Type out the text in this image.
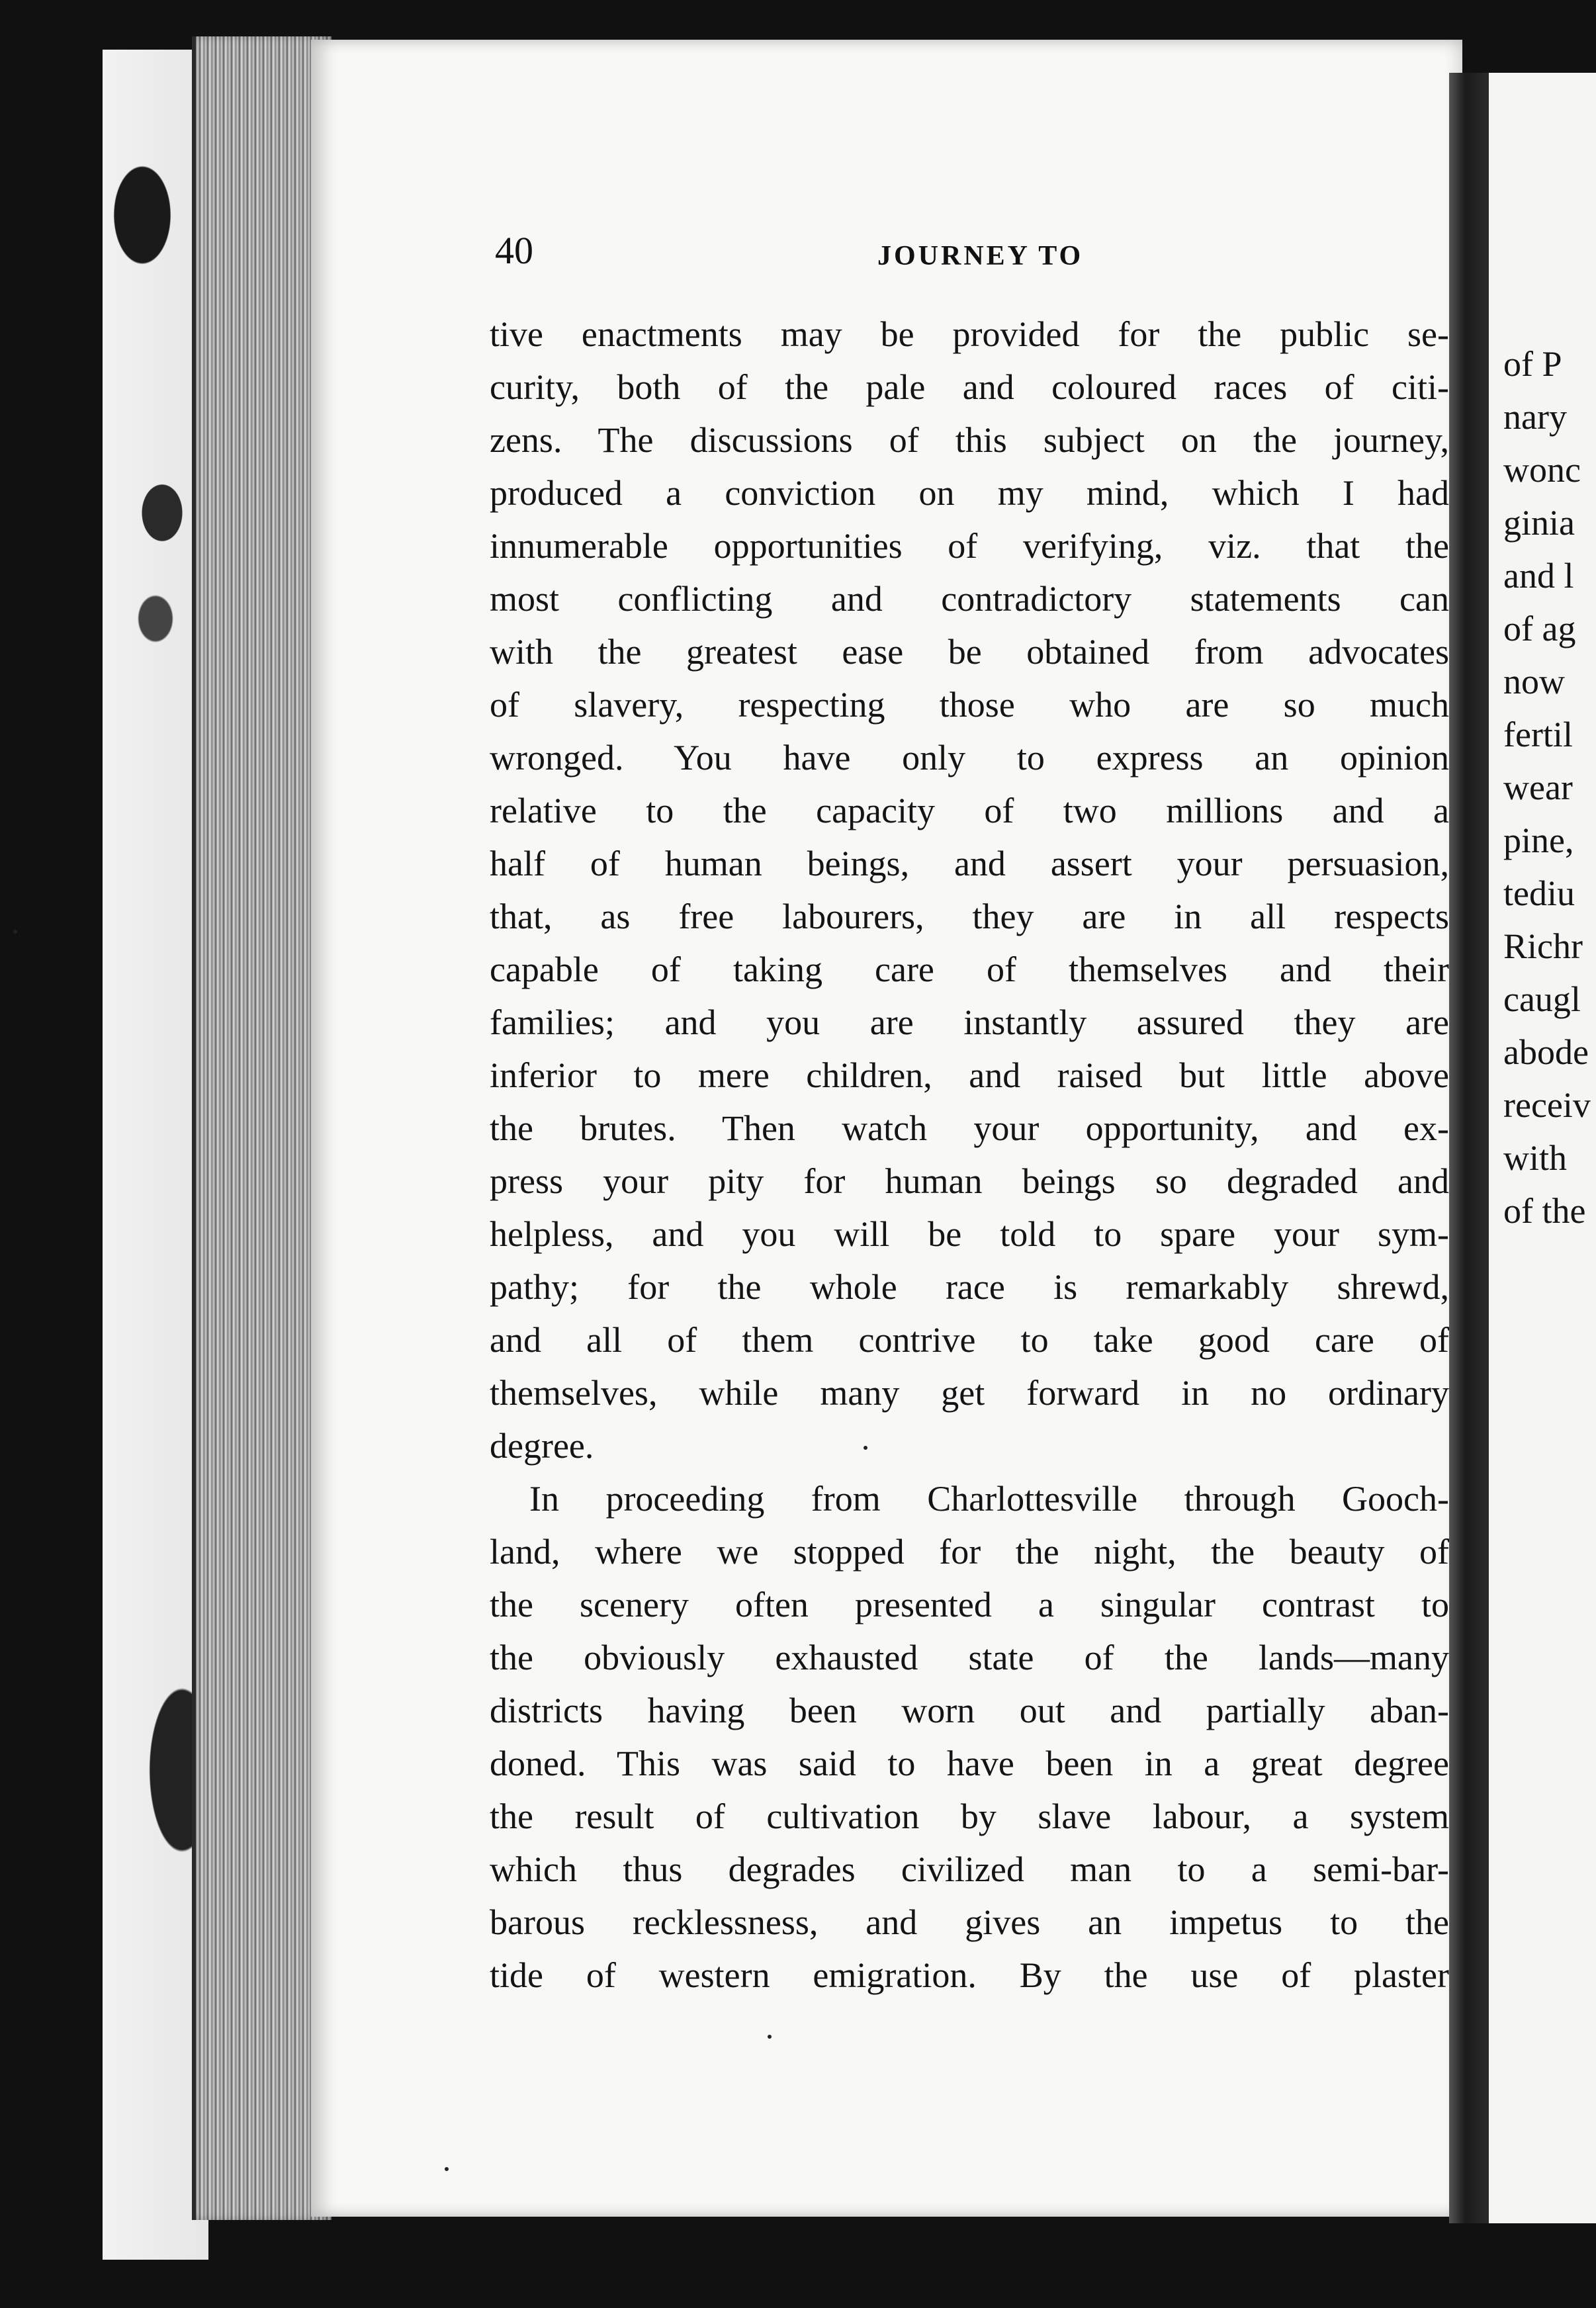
40	JOURNEY TO
tive enactments may be provided for the public se-
curity, both of the pale and coloured races of citi-
zens. The discussions of this subject on the journey,
produced a conviction on my mind, which I had
innumerable opportunities of verifying, viz. that the
most conflicting and contradictory statements can
with the greatest ease be obtained from advocates
of slavery, respecting those who are so much
wronged. You have only to express an opinion
relative to the capacity of two millions and a
half of human beings, and assert your persuasion,
that, as free labourers, they are in all respects
capable of taking care of themselves and their
families; and you are instantly assured they are
inferior to mere children, and raised but little above
the brutes. Then watch your opportunity, and ex-
press your pity for human beings so degraded and
helpless, and you will be told to spare your sym-
pathy; for the whole race is remarkably shrewd,
and all of them contrive to take good care of
themselves, while many get forward in no ordinary
degree.
In proceeding from Charlottesville through Gooch-
land, where we stopped for the night, the beauty of
the scenery often presented a singular contrast to
the obviously exhausted state of the lands—many
districts having been worn out and partially aban-
doned. This was said to have been in a great degree
the result of cultivation by slave labour, a system
which thus degrades civilized man to a semi-bar-
barous recklessness, and gives an impetus to the
tide of western emigration. By the use of plaster
of P
nary
wonc
ginia
and l
of ag
now
fertil
wear
pine,
tediu
Richr
caugl
abode
receiv
with
of the
